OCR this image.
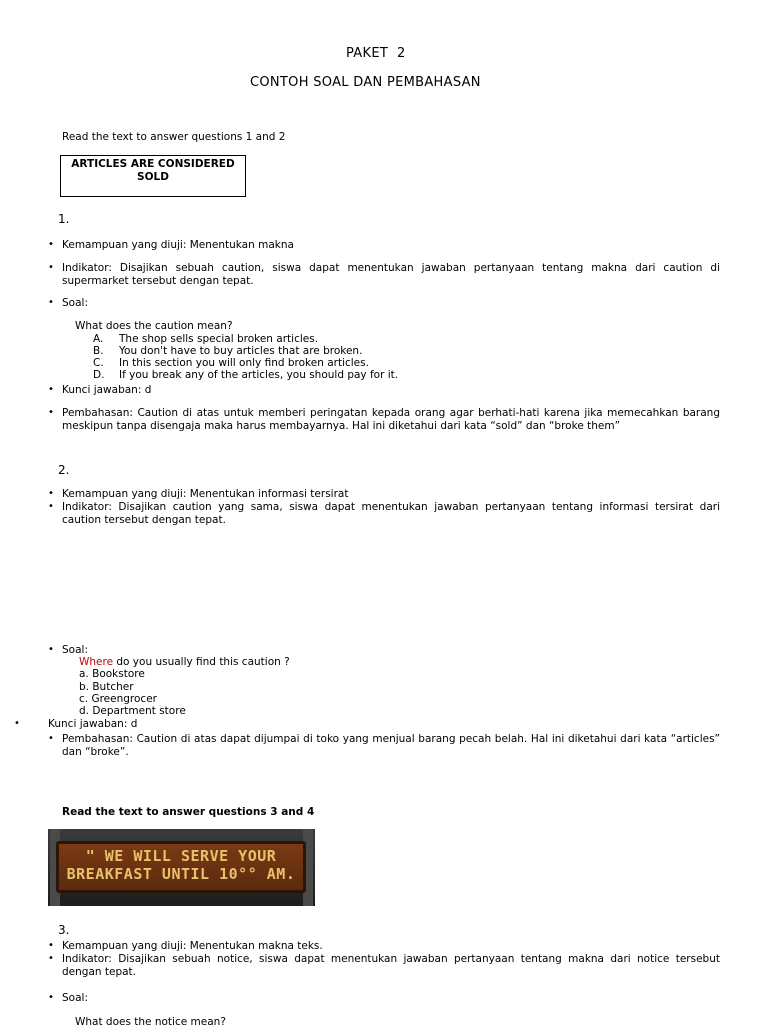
PAKET  2
CONTOH SOAL DAN PEMBAHASAN
Read the text to answer questions 1 and 2
ARTICLES ARE CONSIDERED
SOLD
1.
• Kemampuan yang diuji: Menentukan makna
• Indikator: Disajikan sebuah caution, siswa dapat menentukan jawaban pertanyaan tentang makna dari caution di supermarket tersebut dengan tepat.
• Soal:
What does the caution mean?
A. The shop sells special broken articles.
B. You don't have to buy articles that are broken.
C. In this section you will only find broken articles.
D. If you break any of the articles, you should pay for it.
• Kunci jawaban: d
• Pembahasan: Caution di atas untuk memberi peringatan kepada orang agar berhati-hati karena jika memecahkan barang meskipun tanpa disengaja maka harus membayarnya. Hal ini diketahui dari kata “sold” dan “broke them”
2.
• Kemampuan yang diuji: Menentukan informasi tersirat
• Indikator: Disajikan caution yang sama, siswa dapat menentukan jawaban pertanyaan tentang informasi tersirat dari caution tersebut dengan tepat.
• Soal:
Where do you usually find this caution ?
a. Bookstore
b. Butcher
c. Greengrocer
d. Department store
•	Kunci jawaban: d
• Pembahasan: Caution di atas dapat dijumpai di toko yang menjual barang pecah belah. Hal ini diketahui dari kata “articles” dan “broke”.
Read the text to answer questions 3 and 4
" WE WILL SERVE YOUR
BREAKFAST UNTIL 10°° AM.
3.
• Kemampuan yang diuji: Menentukan makna teks.
• Indikator: Disajikan sebuah notice, siswa dapat menentukan jawaban pertanyaan tentang makna dari notice tersebut dengan tepat.
• Soal:
What does the notice mean?
